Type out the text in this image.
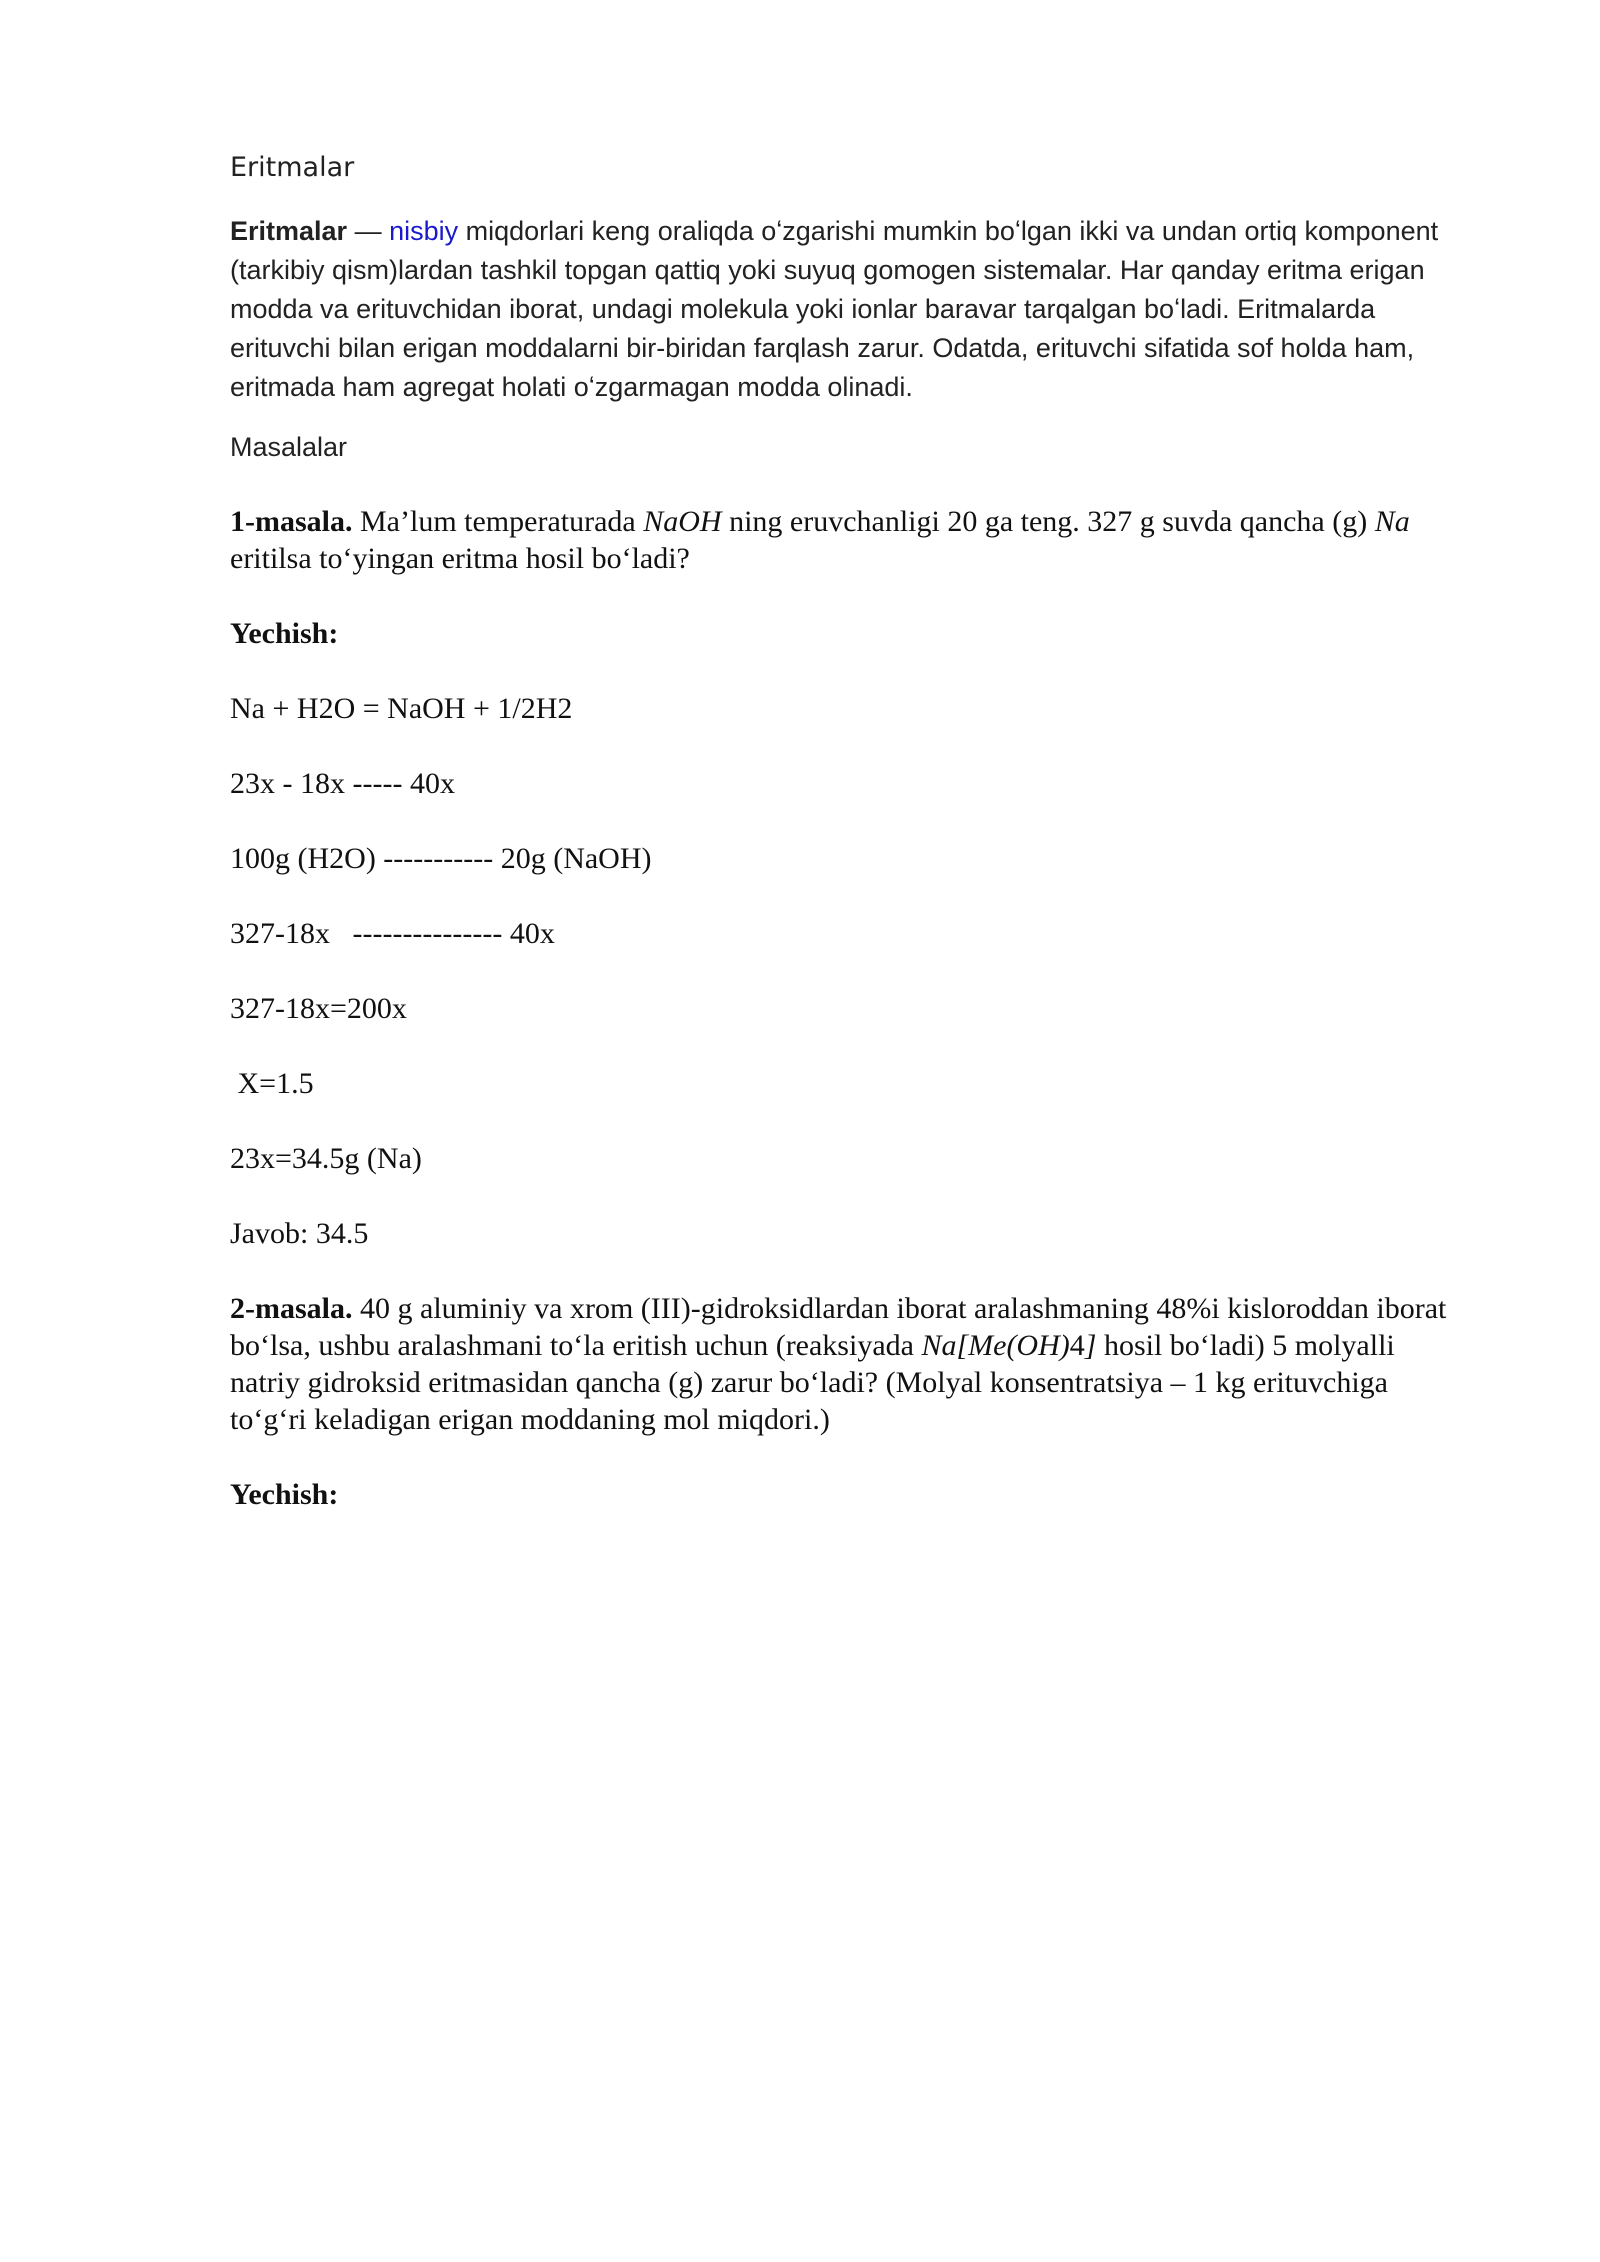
Eritmalar

Eritmalar — nisbiy miqdorlari keng oraliqda oʻzgarishi mumkin boʻlgan ikki va undan ortiq komponent (tarkibiy qism)lardan tashkil topgan qattiq yoki suyuq gomogen sistemalar. Har qanday eritma erigan modda va erituvchidan iborat, undagi molekula yoki ionlar baravar tarqalgan boʻladi. Eritmalarda erituvchi bilan erigan moddalarni bir-biridan farqlash zarur. Odatda, erituvchi sifatida sof holda ham, eritmada ham agregat holati oʻzgarmagan modda olinadi.

Masalalar

1-masala. Ma’lum temperaturada NaOH ning eruvchanligi 20 ga teng. 327 g suvda qancha (g) Na eritilsa to‘yingan eritma hosil bo‘ladi?

Yechish:

Na + H2O = NaOH + 1/2H2

23x - 18x ----- 40x

100g (H2O) ----------- 20g (NaOH)

327-18x   --------------- 40x

327-18x=200x

X=1.5

23x=34.5g (Na)

Javob: 34.5

2-masala. 40 g aluminiy va xrom (III)-gidroksidlardan iborat aralashmaning 48%i kisloroddan iborat bo‘lsa, ushbu aralashmani to‘la eritish uchun (reaksiyada Na[Me(OH)4] hosil bo‘ladi) 5 molyalli natriy gidroksid eritmasidan qancha (g) zarur bo‘ladi? (Molyal konsentratsiya – 1 kg erituvchiga to‘g‘ri keladigan erigan moddaning mol miqdori.)

Yechish:
